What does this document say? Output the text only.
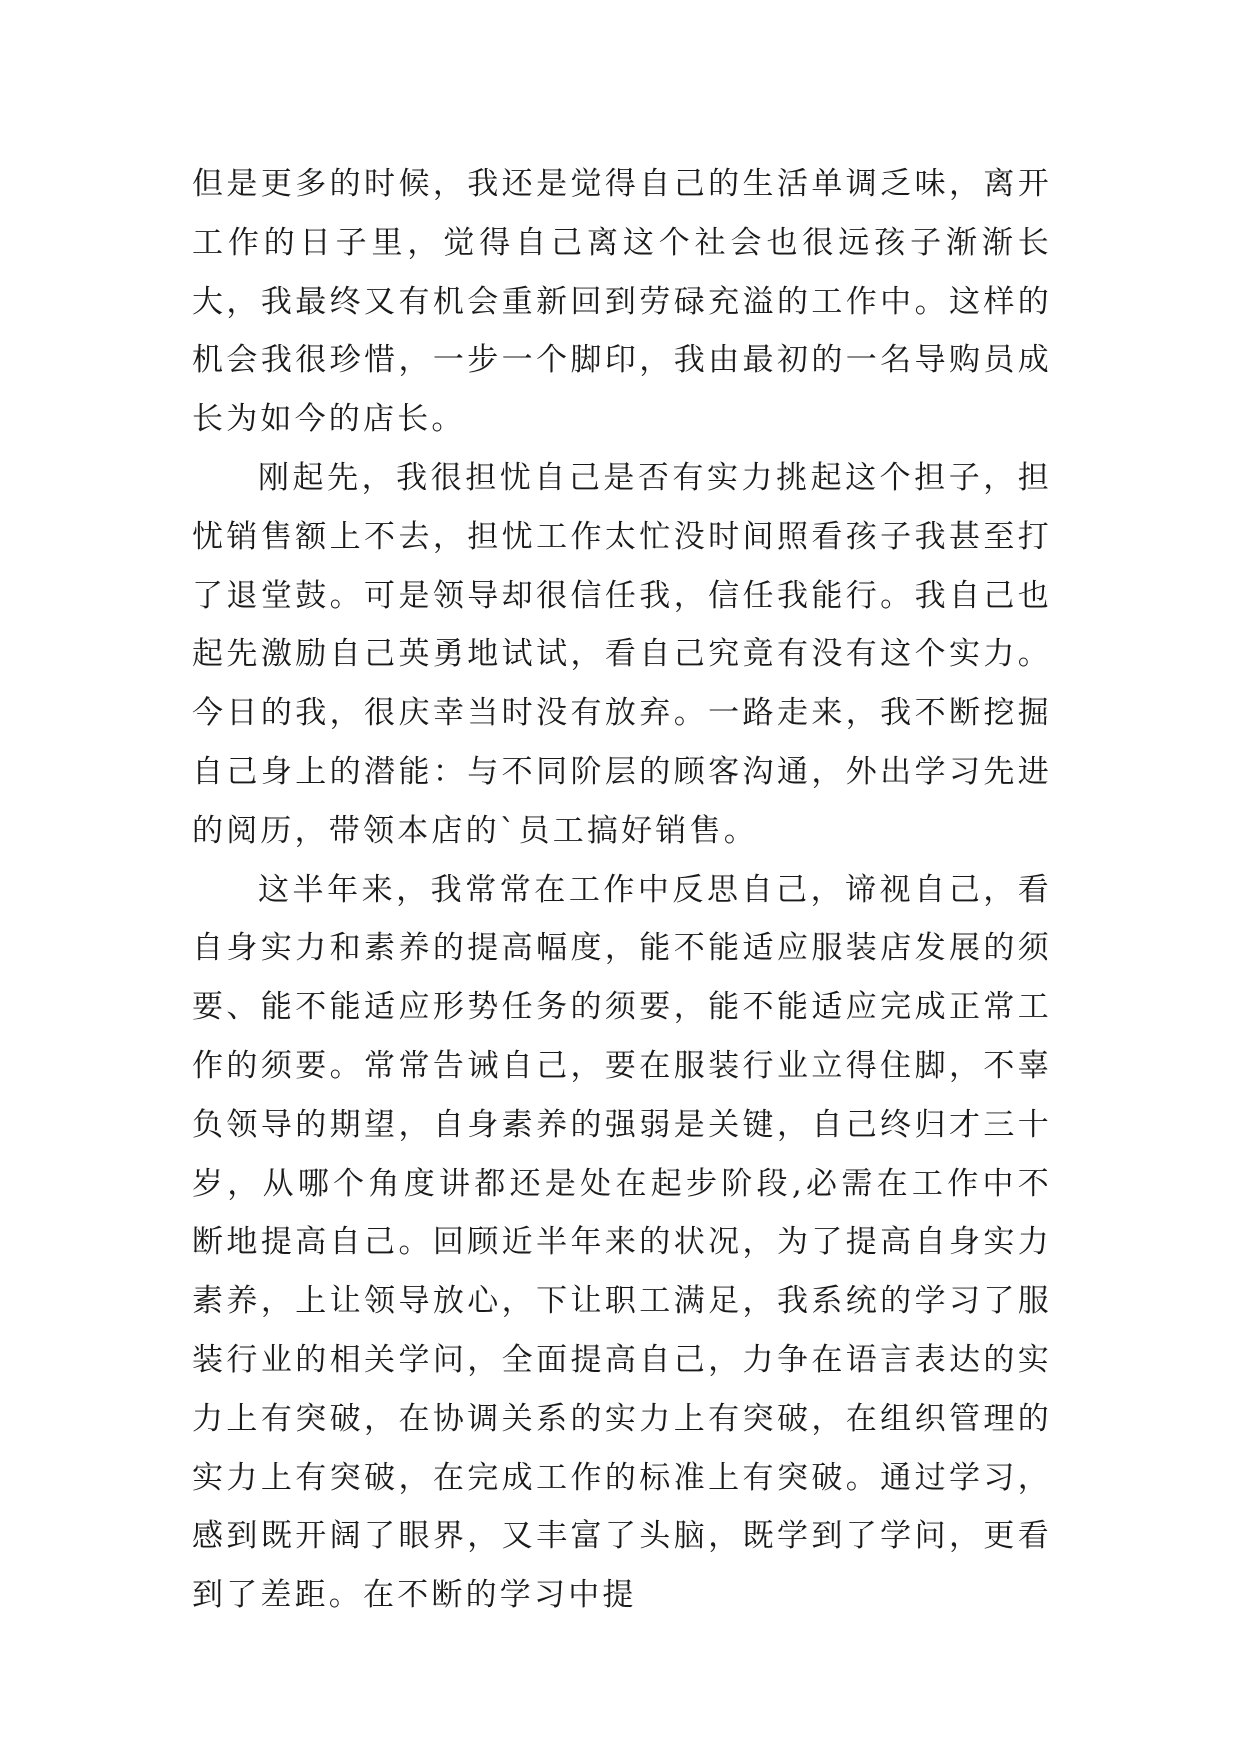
但是更多的时候，我还是觉得自己的生活单调乏味，离开工作的日子里，觉得自己离这个社会也很远孩子渐渐长大，我最终又有机会重新回到劳碌充溢的工作中。这样的机会我很珍惜，一步一个脚印，我由最初的一名导购员成长为如今的店长。

刚起先，我很担忧自己是否有实力挑起这个担子，担忧销售额上不去，担忧工作太忙没时间照看孩子我甚至打了退堂鼓。可是领导却很信任我，信任我能行。我自己也起先激励自己英勇地试试，看自己究竟有没有这个实力。今日的我，很庆幸当时没有放弃。一路走来，我不断挖掘自己身上的潜能：与不同阶层的顾客沟通，外出学习先进的阅历，带领本店的`员工搞好销售。

这半年来，我常常在工作中反思自己，谛视自己，看自身实力和素养的提高幅度，能不能适应服装店发展的须要、能不能适应形势任务的须要，能不能适应完成正常工作的须要。常常告诫自己，要在服装行业立得住脚，不辜负领导的期望，自身素养的强弱是关键，自己终归才三十岁，从哪个角度讲都还是处在起步阶段,必需在工作中不断地提高自己。回顾近半年来的状况，为了提高自身实力素养，上让领导放心，下让职工满足，我系统的学习了服装行业的相关学问，全面提高自己，力争在语言表达的实力上有突破，在协调关系的实力上有突破，在组织管理的实力上有突破，在完成工作的标准上有突破。通过学习，感到既开阔了眼界，又丰富了头脑，既学到了学问，更看到了差距。在不断的学习中提
